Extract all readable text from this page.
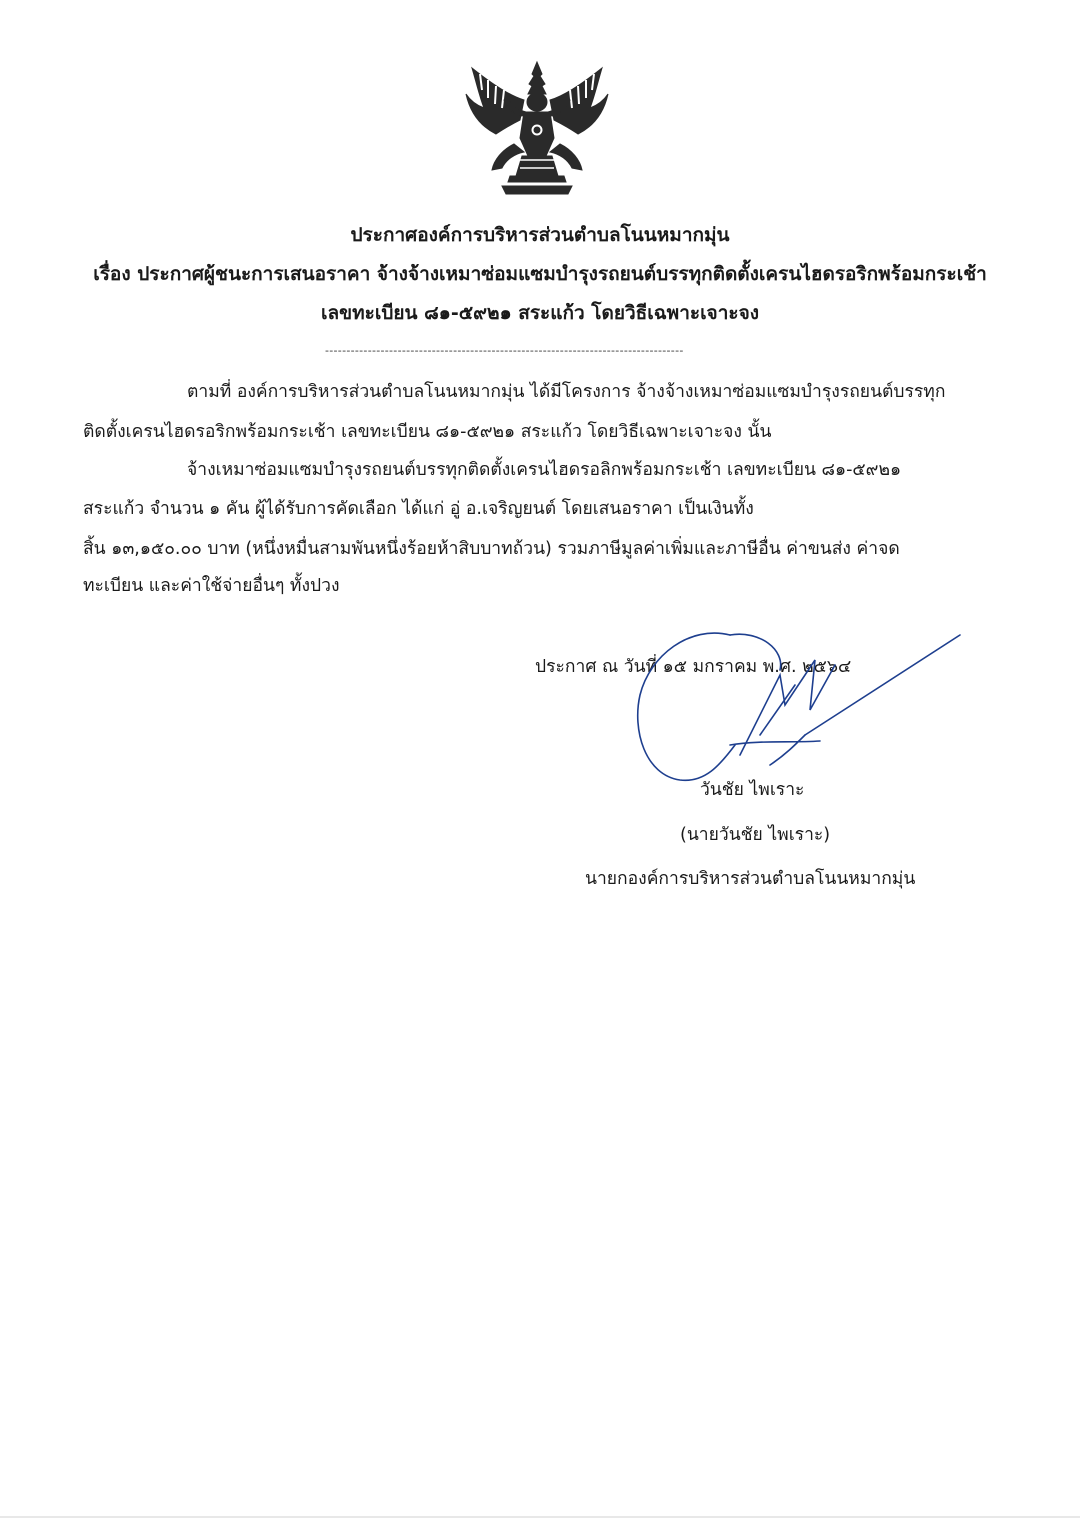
ประกาศองค์การบริหารส่วนตำบลโนนหมากมุ่น
เรื่อง ประกาศผู้ชนะการเสนอราคา จ้างจ้างเหมาซ่อมแซมบำรุงรถยนต์บรรทุกติดตั้งเครนไฮดรอริกพร้อมกระเช้า
เลขทะเบียน ๘๑-๕๙๒๑ สระแก้ว โดยวิธีเฉพาะเจาะจง
------------------------------------------------------------------------------------
ตามที่ องค์การบริหารส่วนตำบลโนนหมากมุ่น ได้มีโครงการ จ้างจ้างเหมาซ่อมแซมบำรุงรถยนต์บรรทุก
ติดตั้งเครนไฮดรอริกพร้อมกระเช้า เลขทะเบียน ๘๑-๕๙๒๑ สระแก้ว โดยวิธีเฉพาะเจาะจง นั้น
จ้างเหมาซ่อมแซมบำรุงรถยนต์บรรทุกติดตั้งเครนไฮดรอลิกพร้อมกระเช้า เลขทะเบียน ๘๑-๕๙๒๑
สระแก้ว จำนวน ๑ คัน ผู้ได้รับการคัดเลือก ได้แก่ อู่ อ.เจริญยนต์ โดยเสนอราคา เป็นเงินทั้ง
สิ้น ๑๓,๑๕๐.๐๐ บาท (หนึ่งหมื่นสามพันหนึ่งร้อยห้าสิบบาทถ้วน) รวมภาษีมูลค่าเพิ่มและภาษีอื่น ค่าขนส่ง ค่าจด
ทะเบียน และค่าใช้จ่ายอื่นๆ ทั้งปวง
ประกาศ ณ วันที่ ๑๕ มกราคม พ.ศ. ๒๕๖๔
วันชัย ไพเราะ
(นายวันชัย ไพเราะ)
นายกองค์การบริหารส่วนตำบลโนนหมากมุ่น
